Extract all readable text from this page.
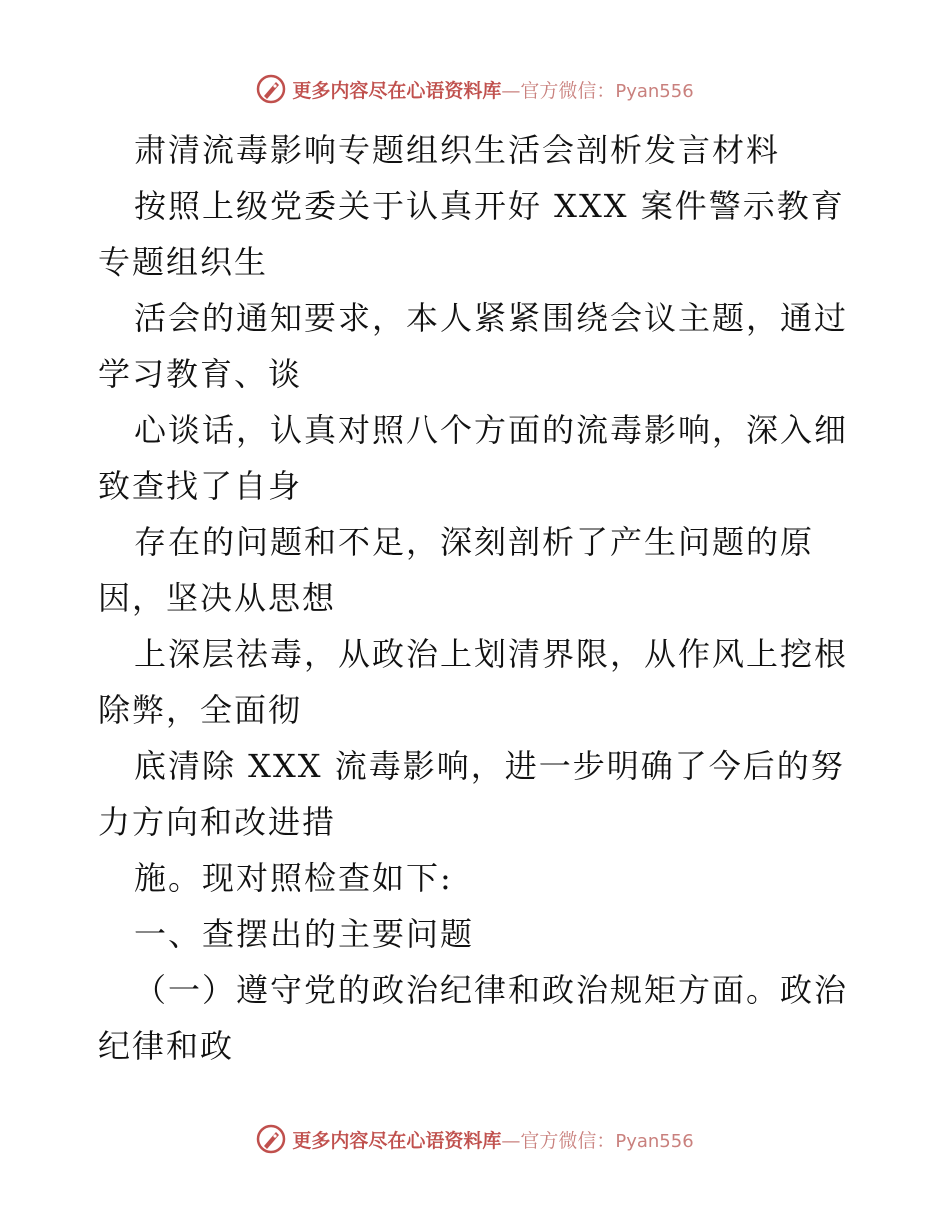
更多内容尽在心语资料库—官方微信：Pyan556
肃清流毒影响专题组织生活会剖析发言材料
按照上级党委关于认真开好 XXX 案件警示教育
专题组织生
活会的通知要求，本人紧紧围绕会议主题，通过
学习教育、谈
心谈话，认真对照八个方面的流毒影响，深入细
致查找了自身
存在的问题和不足，深刻剖析了产生问题的原
因，坚决从思想
上深层祛毒，从政治上划清界限，从作风上挖根
除弊，全面彻
底清除 XXX 流毒影响，进一步明确了今后的努
力方向和改进措
施。现对照检查如下:
一、查摆出的主要问题
（一）遵守党的政治纪律和政治规矩方面。政治
纪律和政
更多内容尽在心语资料库—官方微信：Pyan556
